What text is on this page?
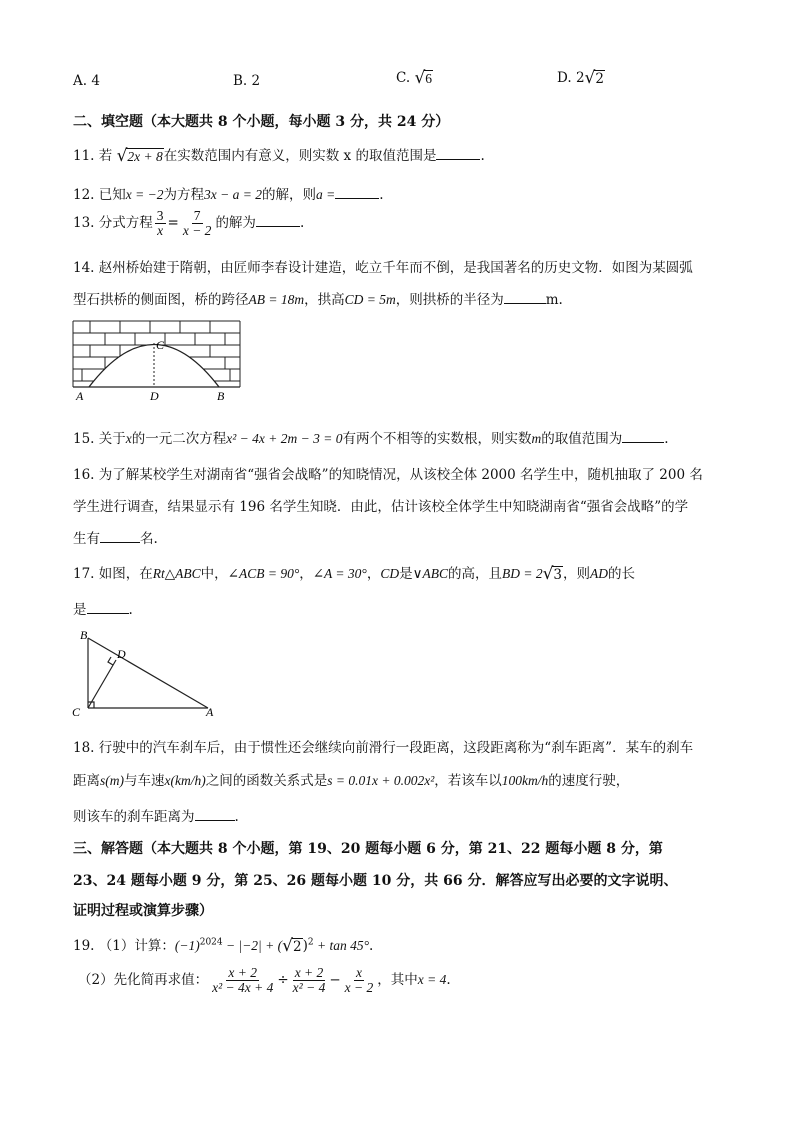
A. 4	B. 2	C. √ 6	D. 2 √ 2
二、填空题（本大题共 8 个小题，每小题 3 分，共 24 分）
11. 若 √ 2x + 8 在实数范围内有意义，则实数 x 的取值范围是	.
12. 已知x = −2为方程3x − a = 2的解，则a =	.
13. 分式方程 $\frac{3}{x} = \frac{7}{x - 2}$ 的解为	.
14. 赵州桥始建于隋朝，由匠师李春设计建造，屹立千年而不倒，是我国著名的历史文物．如图为某圆弧
型石拱桥的侧面图，桥的跨径AB = 18m，拱高CD = 5m，则拱桥的半径为	m.
A	D
C
B
15. 关于x的一元二次方程x² − 4x + 2m − 3 = 0有两个不相等的实数根，则实数m的取值范围为	.
16. 为了解某校学生对湖南省“强省会战略”的知晓情况，从该校全体 2000 名学生中，随机抽取了 200 名
学生进行调查，结果显示有 196 名学生知晓．由此，估计该校全体学生中知晓湖南省“强省会战略”的学
生有	名.
17. 如图，在Rt△ABC中，∠ACB = 90°，∠A = 30°，CD是∨ABC的高，且BD = 2 √ 3 ，则AD的长
是	.
B
D
C	A
18. 行驶中的汽车刹车后，由于惯性还会继续向前滑行一段距离，这段距离称为“刹车距离”．某车的刹车
距离s(m)与车速x(km/h)之间的函数关系式是s = 0.01x + 0.002x²，若该车以100km/h的速度行驶，
则该车的刹车距离为	.
三、解答题（本大题共 8 个小题，第 19、20 题每小题 6 分，第 21、22 题每小题 8 分，第
23、24 题每小题 9 分，第 25、26 题每小题 10 分，共 66 分．解答应写出必要的文字说明、
证明过程或演算步骤）
19. （1）计算：$(-1)^{2024} - |-2|$ + ( √ 2 )$^2$ + tan 45°.
（2）先化简再求值： $\frac{x + 2}{\text{x² − 4x + 4}} \div \frac{x + 2}{\text{x² − 4}} - \frac{x}{x - 2}$ ，其中x = 4.
